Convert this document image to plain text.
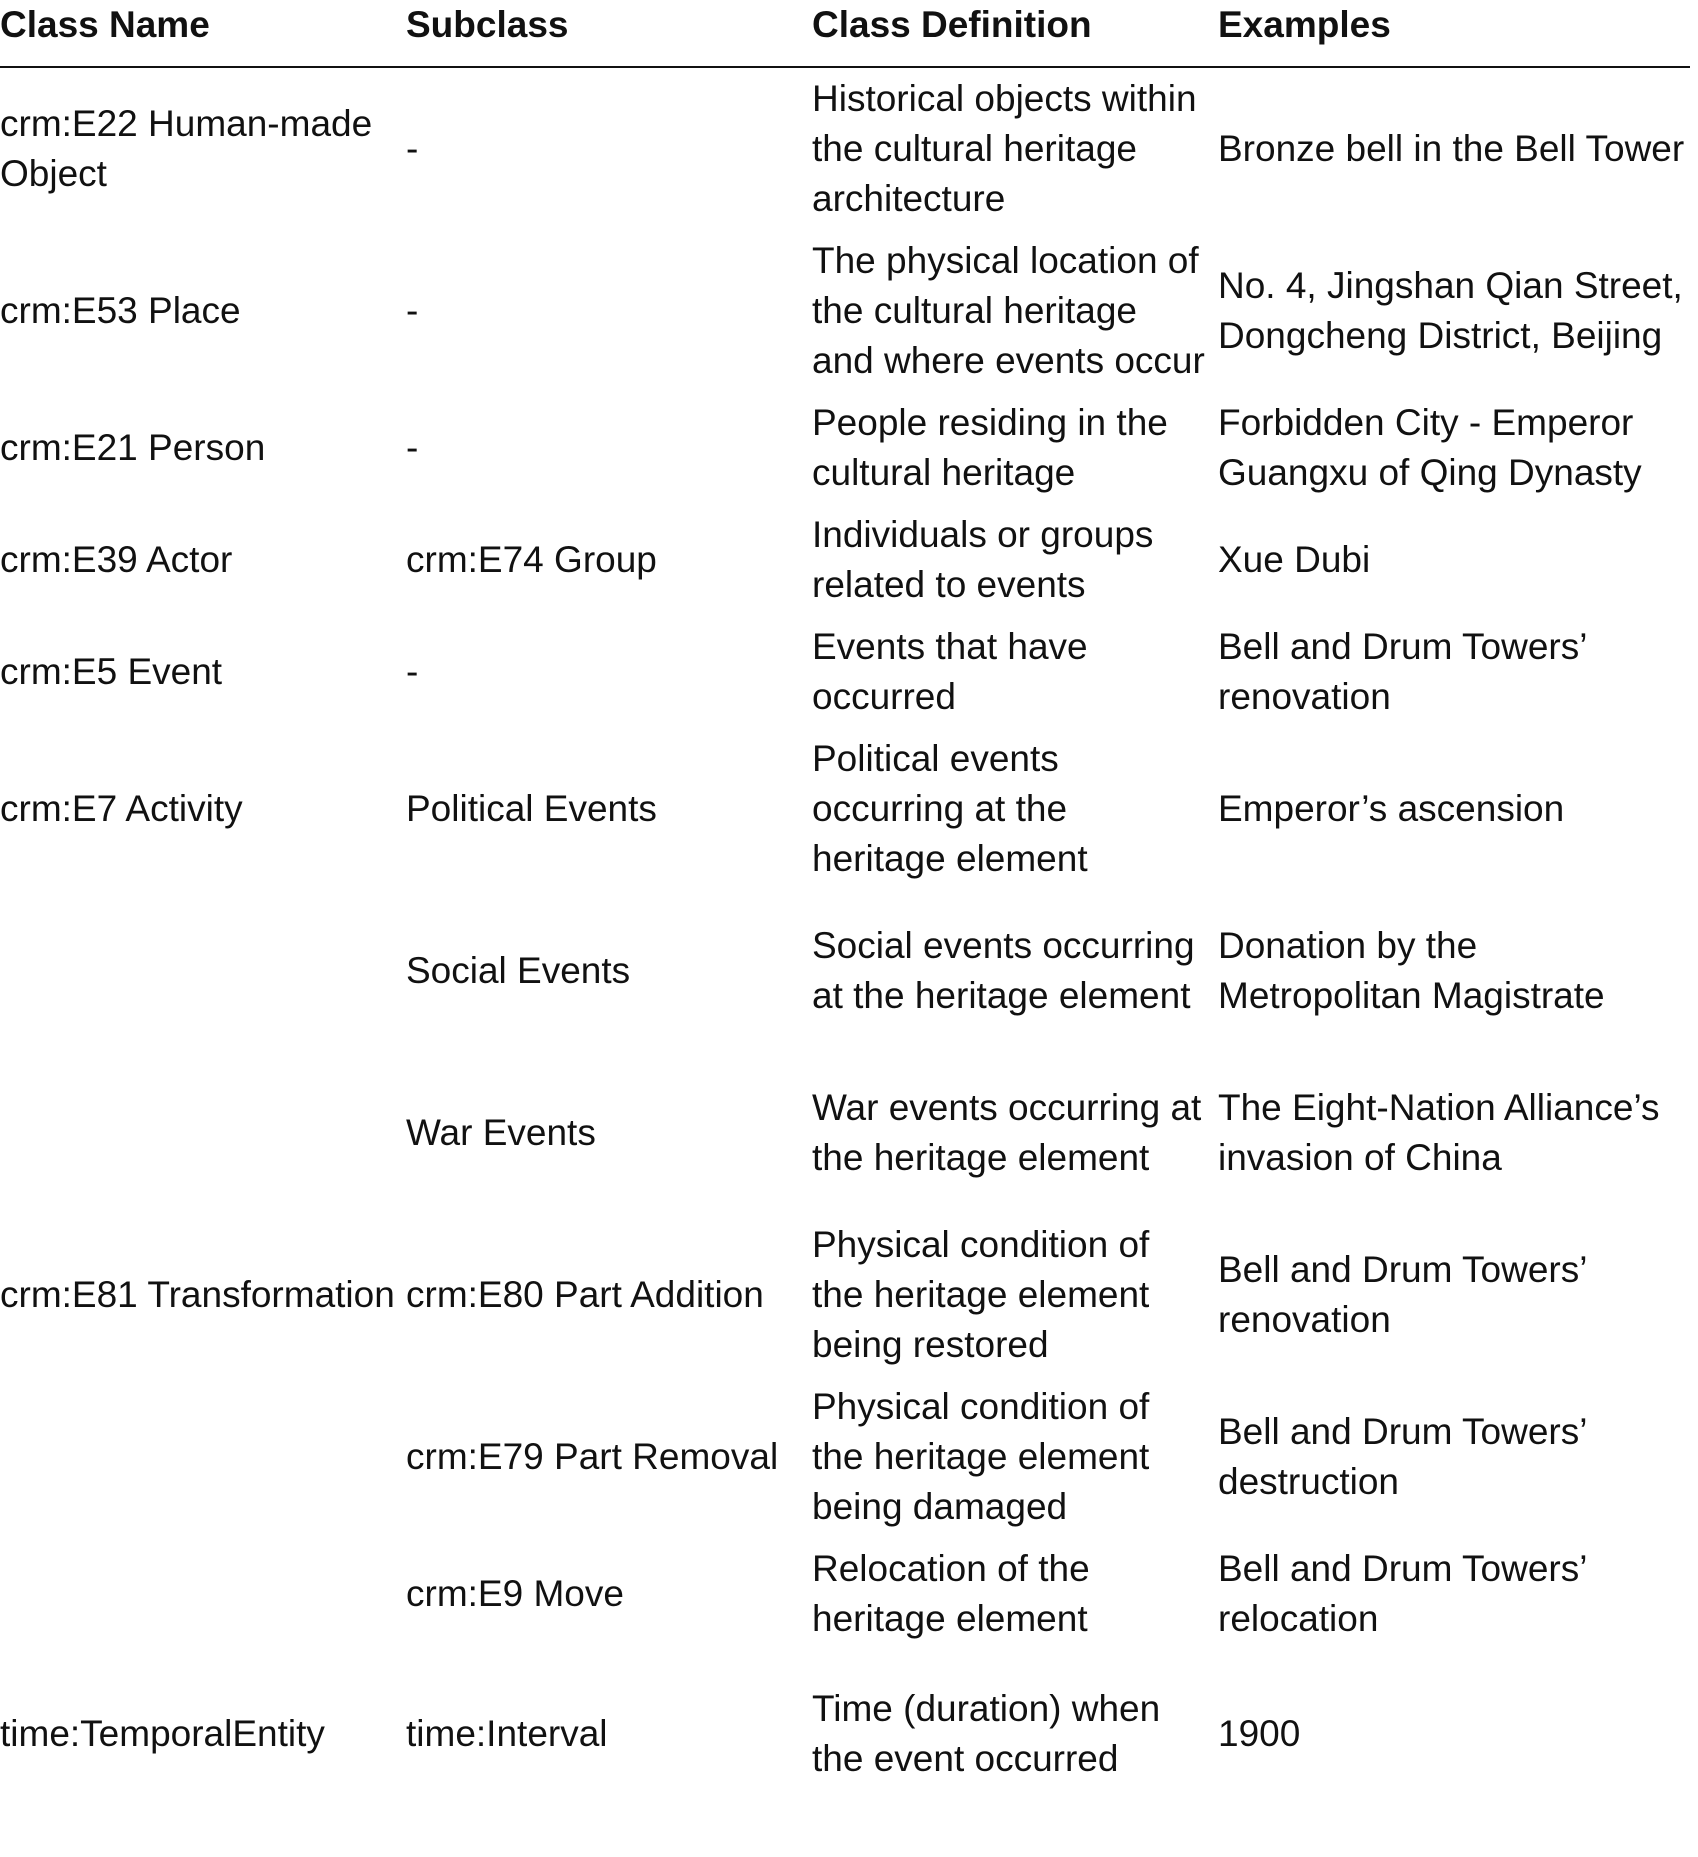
Class Name	Subclass	Class Definition	Examples
crm:E22 Human-made Object	-	Historical objects within the cultural heritage architecture	Bronze bell in the Bell Tower
crm:E53 Place	-	The physical location of the cultural heritage and where events occur	No. 4, Jingshan Qian Street, Dongcheng District, Beijing
crm:E21 Person	-	People residing in the cultural heritage	Forbidden City - Emperor Guangxu of Qing Dynasty
crm:E39 Actor	crm:E74 Group	Individuals or groups related to events	Xue Dubi
crm:E5 Event	-	Events that have occurred	Bell and Drum Towers’ renovation
crm:E7 Activity	Political Events	Political events occurring at the heritage element	Emperor’s ascension
	Social Events	Social events occurring at the heritage element	Donation by the Metropolitan Magistrate
	War Events	War events occurring at the heritage element	The Eight-Nation Alliance’s invasion of China
crm:E81 Transformation	crm:E80 Part Addition	Physical condition of the heritage element being restored	Bell and Drum Towers’ renovation
	crm:E79 Part Removal	Physical condition of the heritage element being damaged	Bell and Drum Towers’ destruction
	crm:E9 Move	Relocation of the heritage element	Bell and Drum Towers’ relocation
time:TemporalEntity	time:Interval	Time (duration) when the event occurred	1900
